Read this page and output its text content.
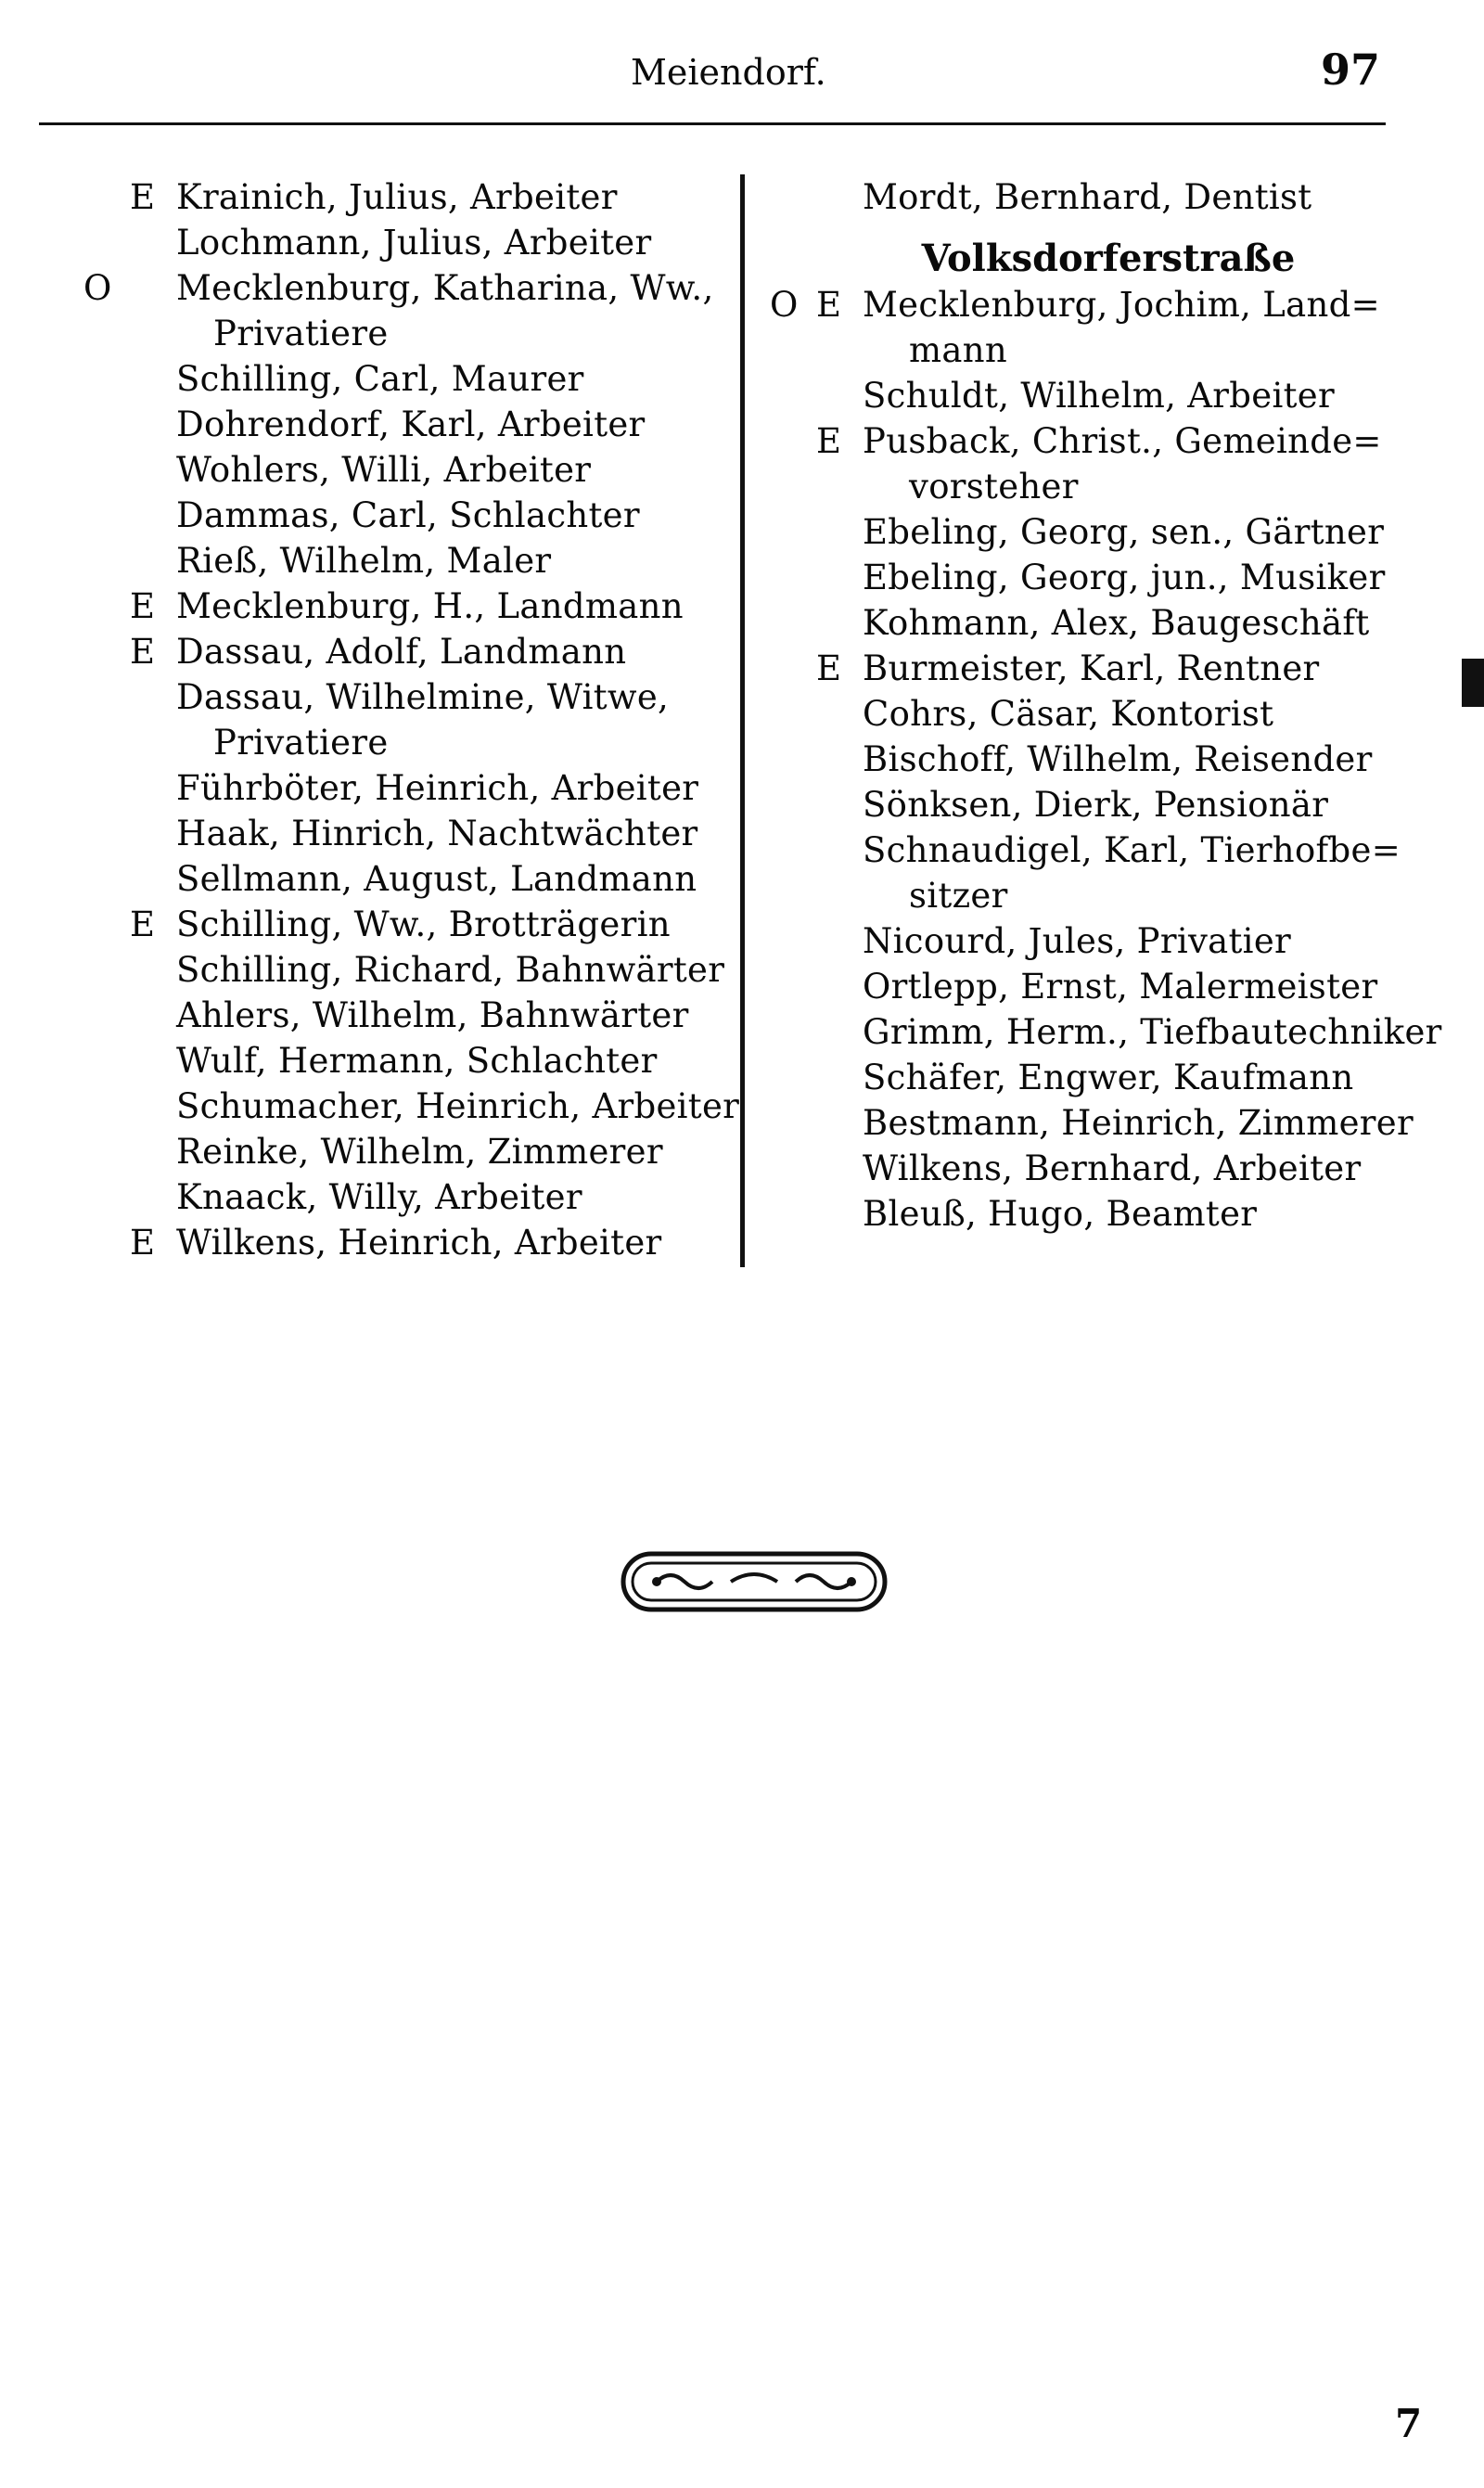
Meiendorf.	97
E Krainich, Julius, Arbeiter
Lochmann, Julius, Arbeiter
O Mecklenburg, Katharina, Ww.,
Privatiere
Schilling, Carl, Maurer
Dohrendorf, Karl, Arbeiter
Wohlers, Willi, Arbeiter
Dammas, Carl, Schlachter
Rieß, Wilhelm, Maler
E Mecklenburg, H., Landmann
E Dassau, Adolf, Landmann
Dassau, Wilhelmine, Witwe,
Privatiere
Führböter, Heinrich, Arbeiter
Haak, Hinrich, Nachtwächter
Sellmann, August, Landmann
E Schilling, Ww., Brotträgerin
Schilling, Richard, Bahnwärter
Ahlers, Wilhelm, Bahnwärter
Wulf, Hermann, Schlachter
Schumacher, Heinrich, Arbeiter
Reinke, Wilhelm, Zimmerer
Knaack, Willy, Arbeiter
E Wilkens, Heinrich, Arbeiter
Mordt, Bernhard, Dentist
Volksdorferstraße
O E Mecklenburg, Jochim, Land=
mann
Schuldt, Wilhelm, Arbeiter
E Pusback, Christ., Gemeinde=
vorsteher
Ebeling, Georg, sen., Gärtner
Ebeling, Georg, jun., Musiker
Kohmann, Alex, Baugeschäft
E Burmeister, Karl, Rentner
Cohrs, Cäsar, Kontorist
Bischoff, Wilhelm, Reisender
Sönksen, Dierk, Pensionär
Schnaudigel, Karl, Tierhofbe=
sitzer
Nicourd, Jules, Privatier
Ortlepp, Ernst, Malermeister
Grimm, Herm., Tiefbautechniker
Schäfer, Engwer, Kaufmann
Bestmann, Heinrich, Zimmerer
Wilkens, Bernhard, Arbeiter
Bleuß, Hugo, Beamter
7
